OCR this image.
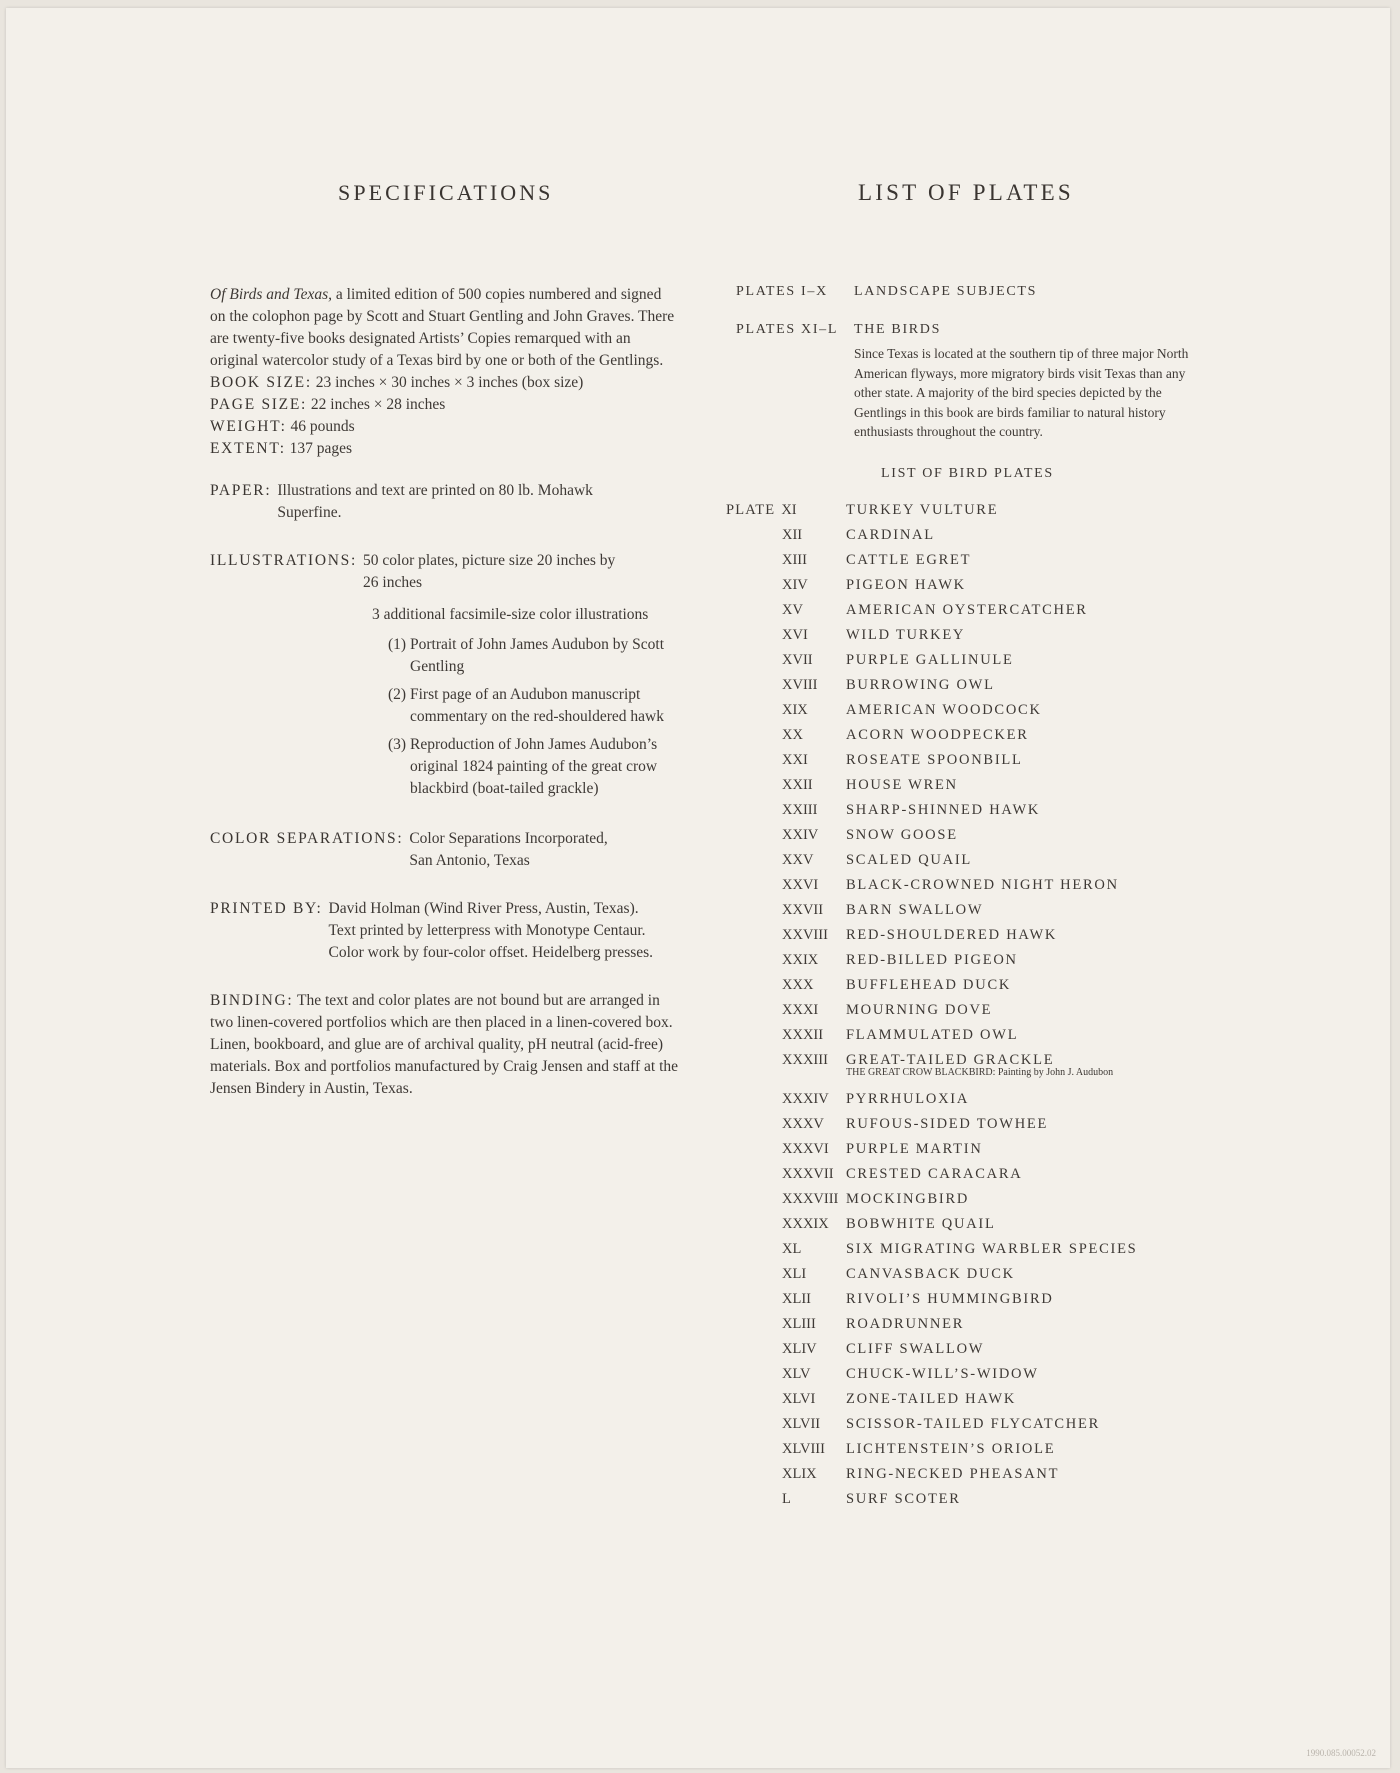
SPECIFICATIONS	LIST OF PLATES

Of Birds and Texas, a limited edition of 500 copies numbered and signed on the colophon page by Scott and Stuart Gentling and John Graves. There are twenty-five books designated Artists’ Copies remarqued with an original watercolor study of a Texas bird by one or both of the Gentlings.

BOOK SIZE: 23 inches × 30 inches × 3 inches (box size)

PAGE SIZE: 22 inches × 28 inches

WEIGHT: 46 pounds

EXTENT: 137 pages

PAPER: Illustrations and text are printed on 80 lb. Mohawk Superfine.
ILLUSTRATIONS: 50 color plates, picture size 20 inches by 26 inches
3 additional facsimile-size color illustrations
(1) Portrait of John James Audubon by Scott Gentling
(2) First page of an Audubon manuscript commentary on the red-shouldered hawk
(3) Reproduction of John James Audubon’s original 1824 painting of the great crow blackbird (boat-tailed grackle)
COLOR SEPARATIONS: Color Separations Incorporated, San Antonio, Texas
PRINTED BY: David Holman (Wind River Press, Austin, Texas). Text printed by letterpress with Monotype Centaur. Color work by four-color offset. Heidelberg presses.

BINDING: The text and color plates are not bound but are arranged in two linen-covered portfolios which are then placed in a linen-covered box. Linen, bookboard, and glue are of archival quality, pH neutral (acid-free) materials. Box and portfolios manufactured by Craig Jensen and staff at the Jensen Bindery in Austin, Texas.

PLATES I–X	LANDSCAPE SUBJECTS
PLATES XI–L	THE BIRDS
Since Texas is located at the southern tip of three major North American flyways, more migratory birds visit Texas than any other state. A majority of the bird species depicted by the Gentlings in this book are birds familiar to natural history enthusiasts throughout the country.
LIST OF BIRD PLATES
PLATE XI	TURKEY VULTURE
XII	CARDINAL
XIII	CATTLE EGRET
XIV	PIGEON HAWK
XV	AMERICAN OYSTERCATCHER
XVI	WILD TURKEY
XVII	PURPLE GALLINULE
XVIII	BURROWING OWL
XIX	AMERICAN WOODCOCK
XX	ACORN WOODPECKER
XXI	ROSEATE SPOONBILL
XXII	HOUSE WREN
XXIII	SHARP-SHINNED HAWK
XXIV	SNOW GOOSE
XXV	SCALED QUAIL
XXVI	BLACK-CROWNED NIGHT HERON
XXVII	BARN SWALLOW
XXVIII	RED-SHOULDERED HAWK
XXIX	RED-BILLED PIGEON
XXX	BUFFLEHEAD DUCK
XXXI	MOURNING DOVE
XXXII	FLAMMULATED OWL
XXXIII	GREAT-TAILED GRACKLE
THE GREAT CROW BLACKBIRD: Painting by John J. Audubon
XXXIV	PYRRHULOXIA
XXXV	RUFOUS-SIDED TOWHEE
XXXVI	PURPLE MARTIN
XXXVII CRESTED CARACARA
XXXVIII MOCKINGBIRD
XXXIX	BOBWHITE QUAIL
XL	SIX MIGRATING WARBLER SPECIES
XLI	CANVASBACK DUCK
XLII	RIVOLI’S HUMMINGBIRD
XLIII	ROADRUNNER
XLIV	CLIFF SWALLOW
XLV	CHUCK-WILL’S-WIDOW
XLVI	ZONE-TAILED HAWK
XLVII	SCISSOR-TAILED FLYCATCHER
XLVIII	LICHTENSTEIN’S ORIOLE
XLIX	RING-NECKED PHEASANT
L	SURF SCOTER
1990.085.00052.02
